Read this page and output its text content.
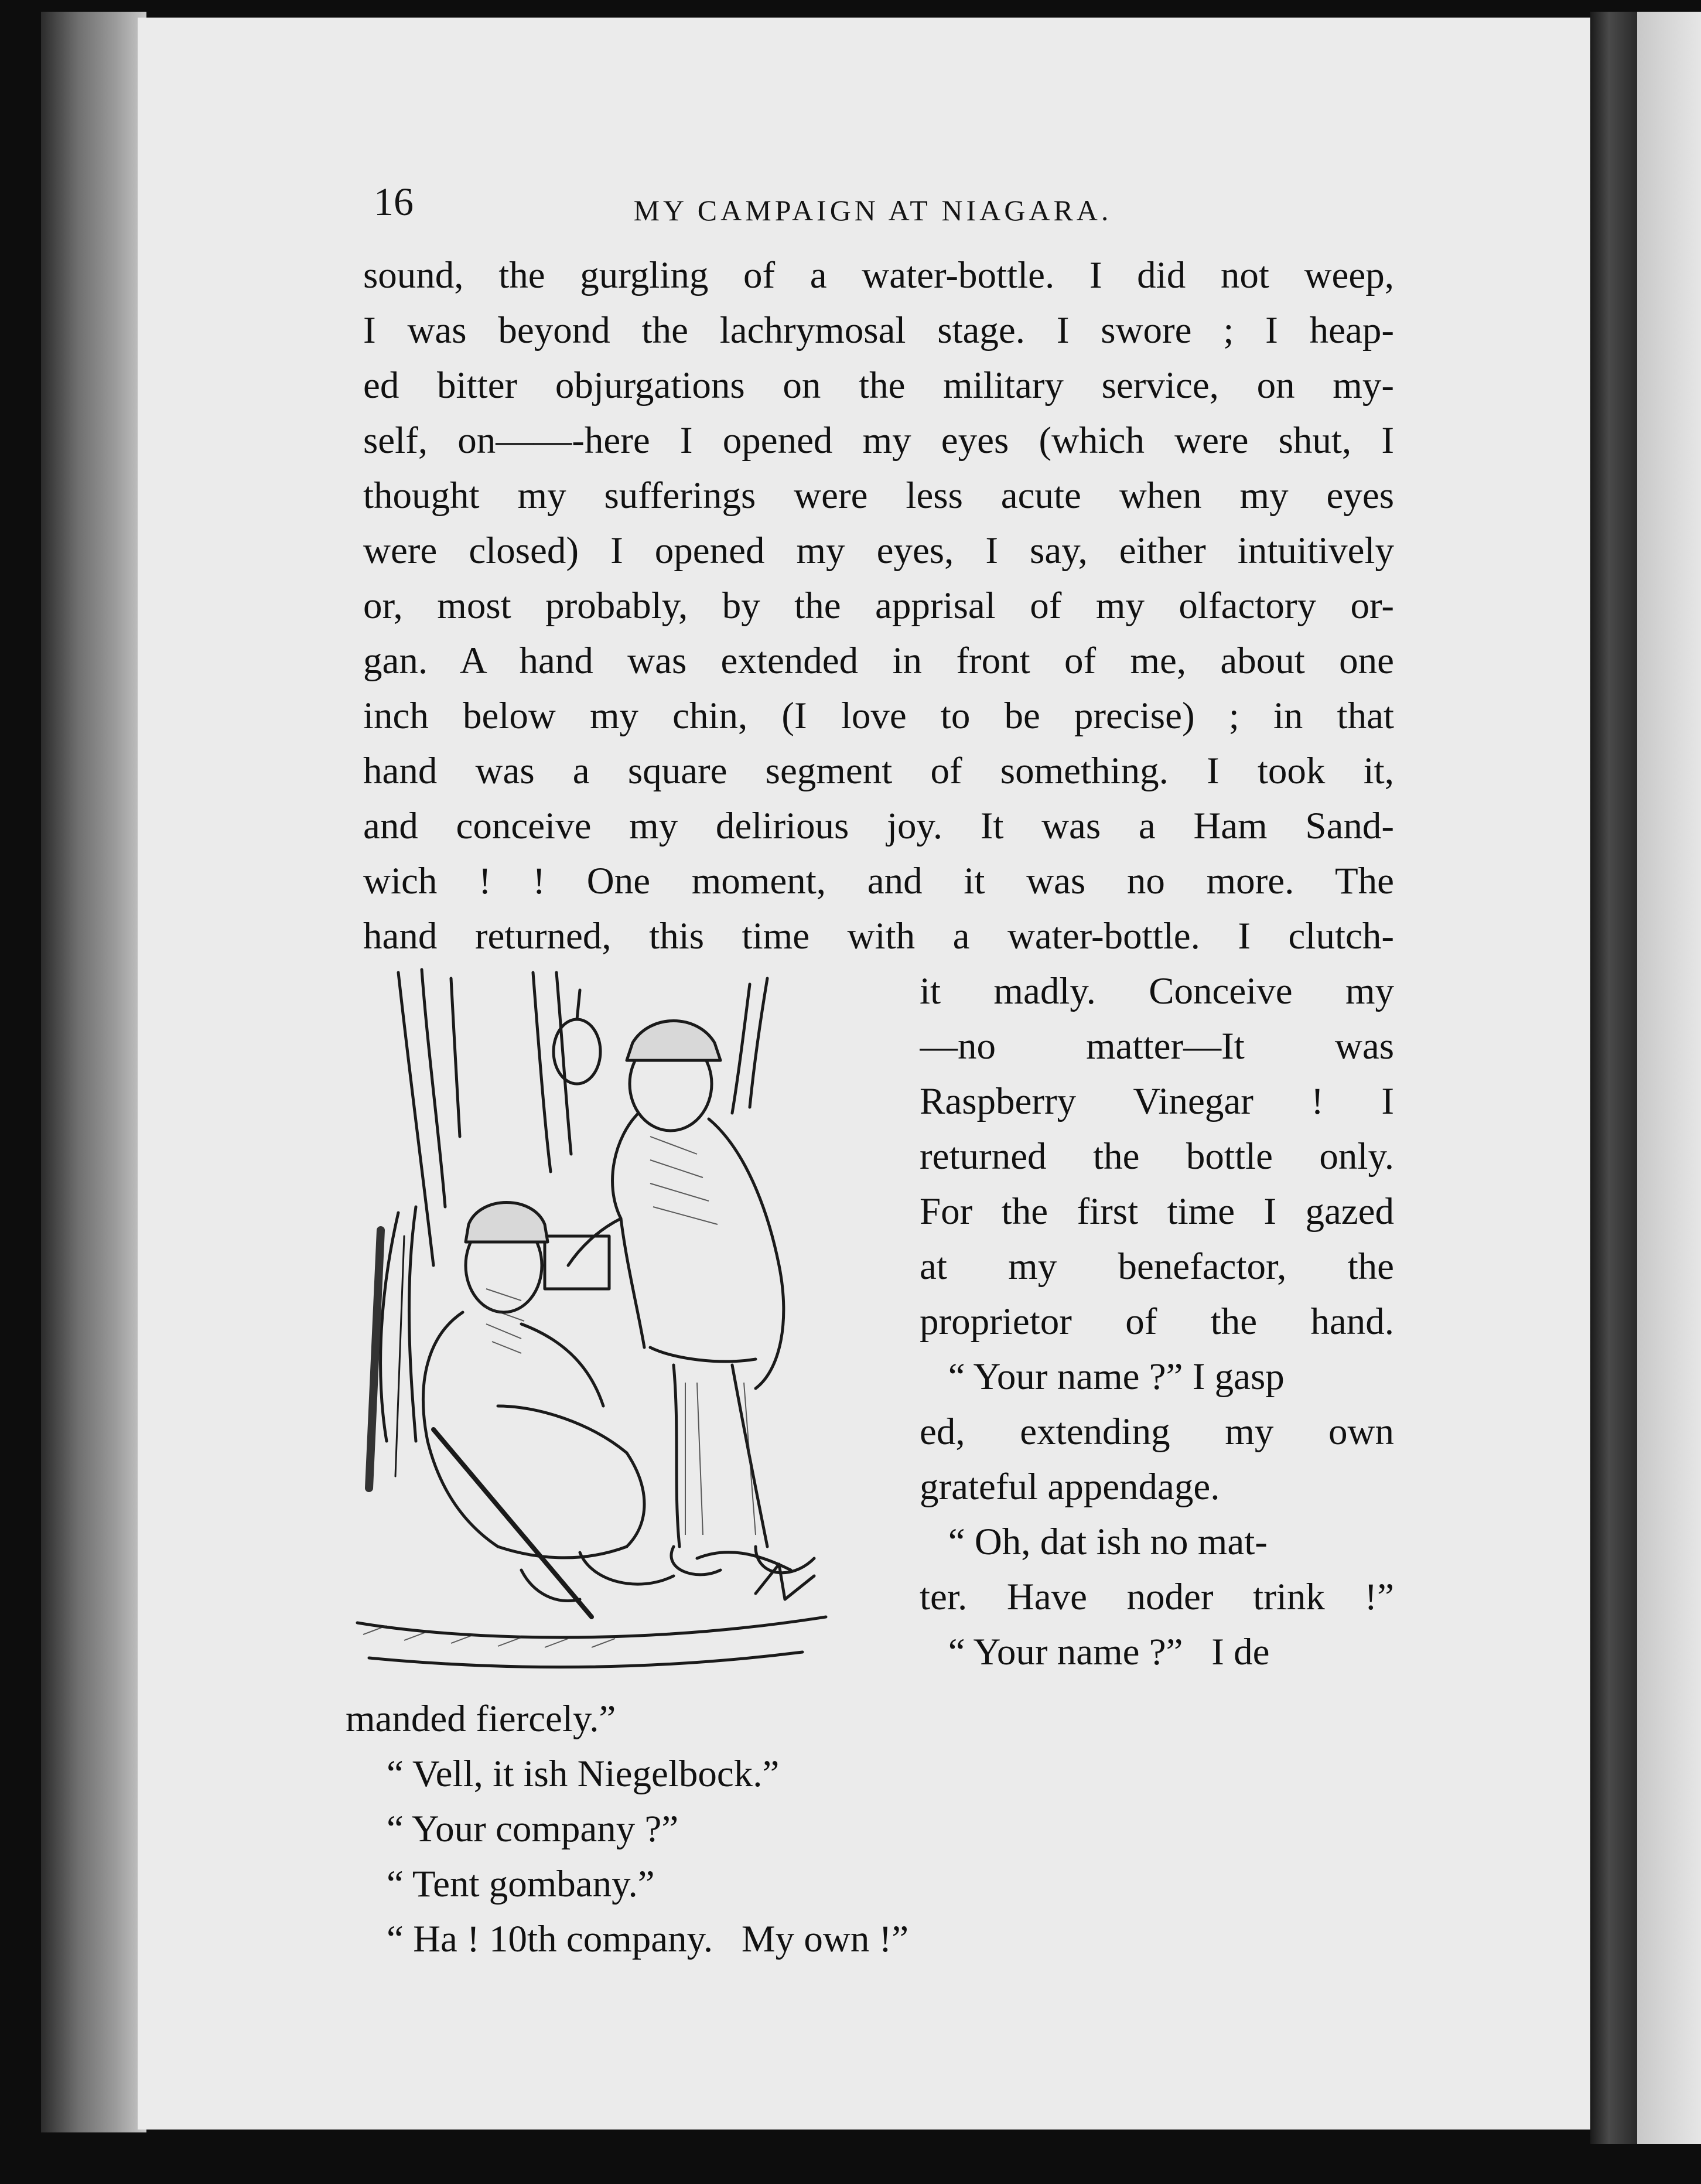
16	MY CAMPAIGN AT NIAGARA.
sound, the gurgling of a water-bottle. I did not weep,
I was beyond the lachrymosal stage. I swore ; I heap-
ed bitter objurgations on the military service, on my-
self, on——-here I opened my eyes (which were shut, I
thought my sufferings were less acute when my eyes
were closed) I opened my eyes, I say, either intuitively
or, most probably, by the apprisal of my olfactory or-
gan. A hand was extended in front of me, about one
inch below my chin, (I love to be precise) ; in that
hand was a square segment of something. I took it,
and conceive my delirious joy. It was a Ham Sand-
wich ! ! One moment, and it was no more. The
hand returned, this time with a water-bottle. I clutch-
it madly. Conceive my
—no matter—It was
Raspberry Vinegar ! I
returned the bottle only.
For the first time I gazed
at my benefactor, the
proprietor of the hand.
“ Your name ?” I gasp
ed, extending my own
grateful appendage.
“ Oh, dat ish no mat-
ter. Have noder trink !”
“ Your name ?”   I de
manded fiercely.”
“ Vell, it ish Niegelbock.”
“ Your company ?”
“ Tent gombany.”
“ Ha ! 10th company.   My own !”
